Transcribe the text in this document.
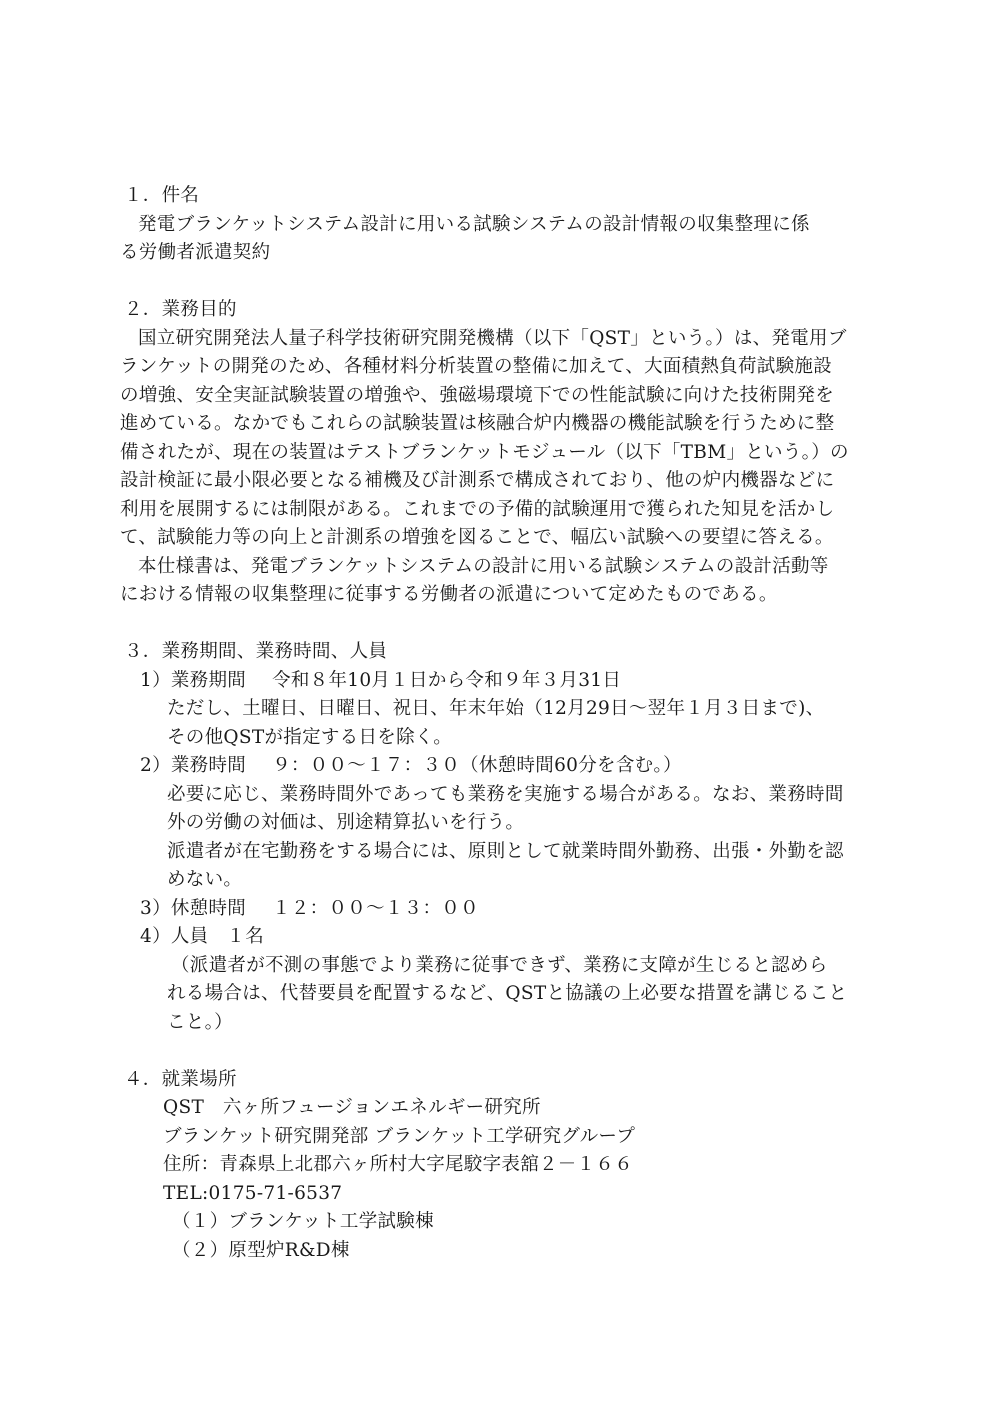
１．件名
発電ブランケットシステム設計に用いる試験システムの設計情報の収集整理に係
る労働者派遣契約
２．業務目的
国立研究開発法人量子科学技術研究開発機構（以下「QST」という。）は、発電用ブ
ランケットの開発のため、各種材料分析装置の整備に加えて、大面積熱負荷試験施設
の増強、安全実証試験装置の増強や、強磁場環境下での性能試験に向けた技術開発を
進めている。なかでもこれらの試験装置は核融合炉内機器の機能試験を行うために整
備されたが、現在の装置はテストブランケットモジュール（以下「TBM」という。）の
設計検証に最小限必要となる補機及び計測系で構成されており、他の炉内機器などに
利用を展開するには制限がある。これまでの予備的試験運用で獲られた知見を活かし
て、試験能力等の向上と計測系の増強を図ることで、幅広い試験への要望に答える。
本仕様書は、発電ブランケットシステムの設計に用いる試験システムの設計活動等
における情報の収集整理に従事する労働者の派遣について定めたものである。
３．業務期間、業務時間、人員
1）業務期間 令和８年10月１日から令和９年３月31日
ただし、土曜日、日曜日、祝日、年末年始（12月29日～翌年１月３日まで)、
その他QSTが指定する日を除く。
2）業務時間 ９：００～１７：３０（休憩時間60分を含む。）
必要に応じ、業務時間外であっても業務を実施する場合がある。なお、業務時間
外の労働の対価は、別途精算払いを行う。
派遣者が在宅勤務をする場合には、原則として就業時間外勤務、出張・外勤を認
めない。
3）休憩時間 １２：００～１３：００
4）人員 １名
（派遣者が不測の事態でより業務に従事できず、業務に支障が生じると認めら
れる場合は、代替要員を配置するなど、QSTと協議の上必要な措置を講じること
こと。）
４．就業場所
QST　六ヶ所フュージョンエネルギー研究所
ブランケット研究開発部 ブランケット工学研究グループ
住所：青森県上北郡六ヶ所村大字尾駮字表舘２－１６６
TEL:0175-71-6537
（１）ブランケット工学試験棟
（２）原型炉R&D棟
